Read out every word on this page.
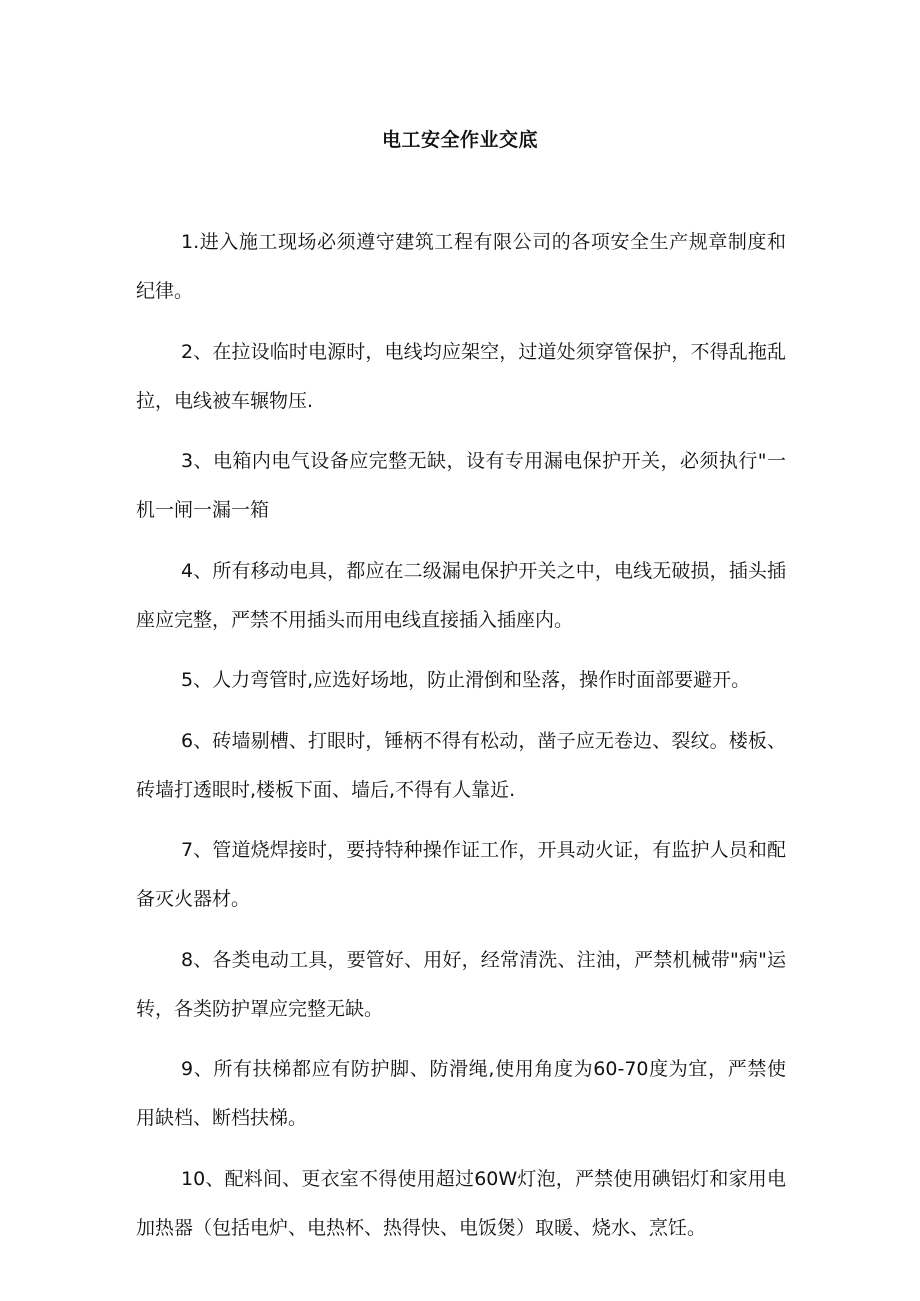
电工安全作业交底

1.进入施工现场必须遵守建筑工程有限公司的各项安全生产规章制度和纪律。

2、在拉设临时电源时，电线均应架空，过道处须穿管保护，不得乱拖乱拉，电线被车辗物压.

3、电箱内电气设备应完整无缺，设有专用漏电保护开关，必须执行"一机一闸一漏一箱

4、所有移动电具，都应在二级漏电保护开关之中，电线无破损，插头插座应完整，严禁不用插头而用电线直接插入插座内。

5、人力弯管时,应选好场地，防止滑倒和坠落，操作时面部要避开。

6、砖墙剔槽、打眼时，锤柄不得有松动，凿子应无卷边、裂纹。楼板、砖墙打透眼时,楼板下面、墙后,不得有人靠近.

7、管道烧焊接时，要持特种操作证工作，开具动火证，有监护人员和配备灭火器材。

8、各类电动工具，要管好、用好，经常清洗、注油，严禁机械带"病"运转，各类防护罩应完整无缺。

9、所有扶梯都应有防护脚、防滑绳,使用角度为60-70度为宜，严禁使用缺档、断档扶梯。

10、配料间、更衣室不得使用超过60W灯泡，严禁使用碘铝灯和家用电加热器（包括电炉、电热杯、热得快、电饭煲）取暖、烧水、烹饪。
